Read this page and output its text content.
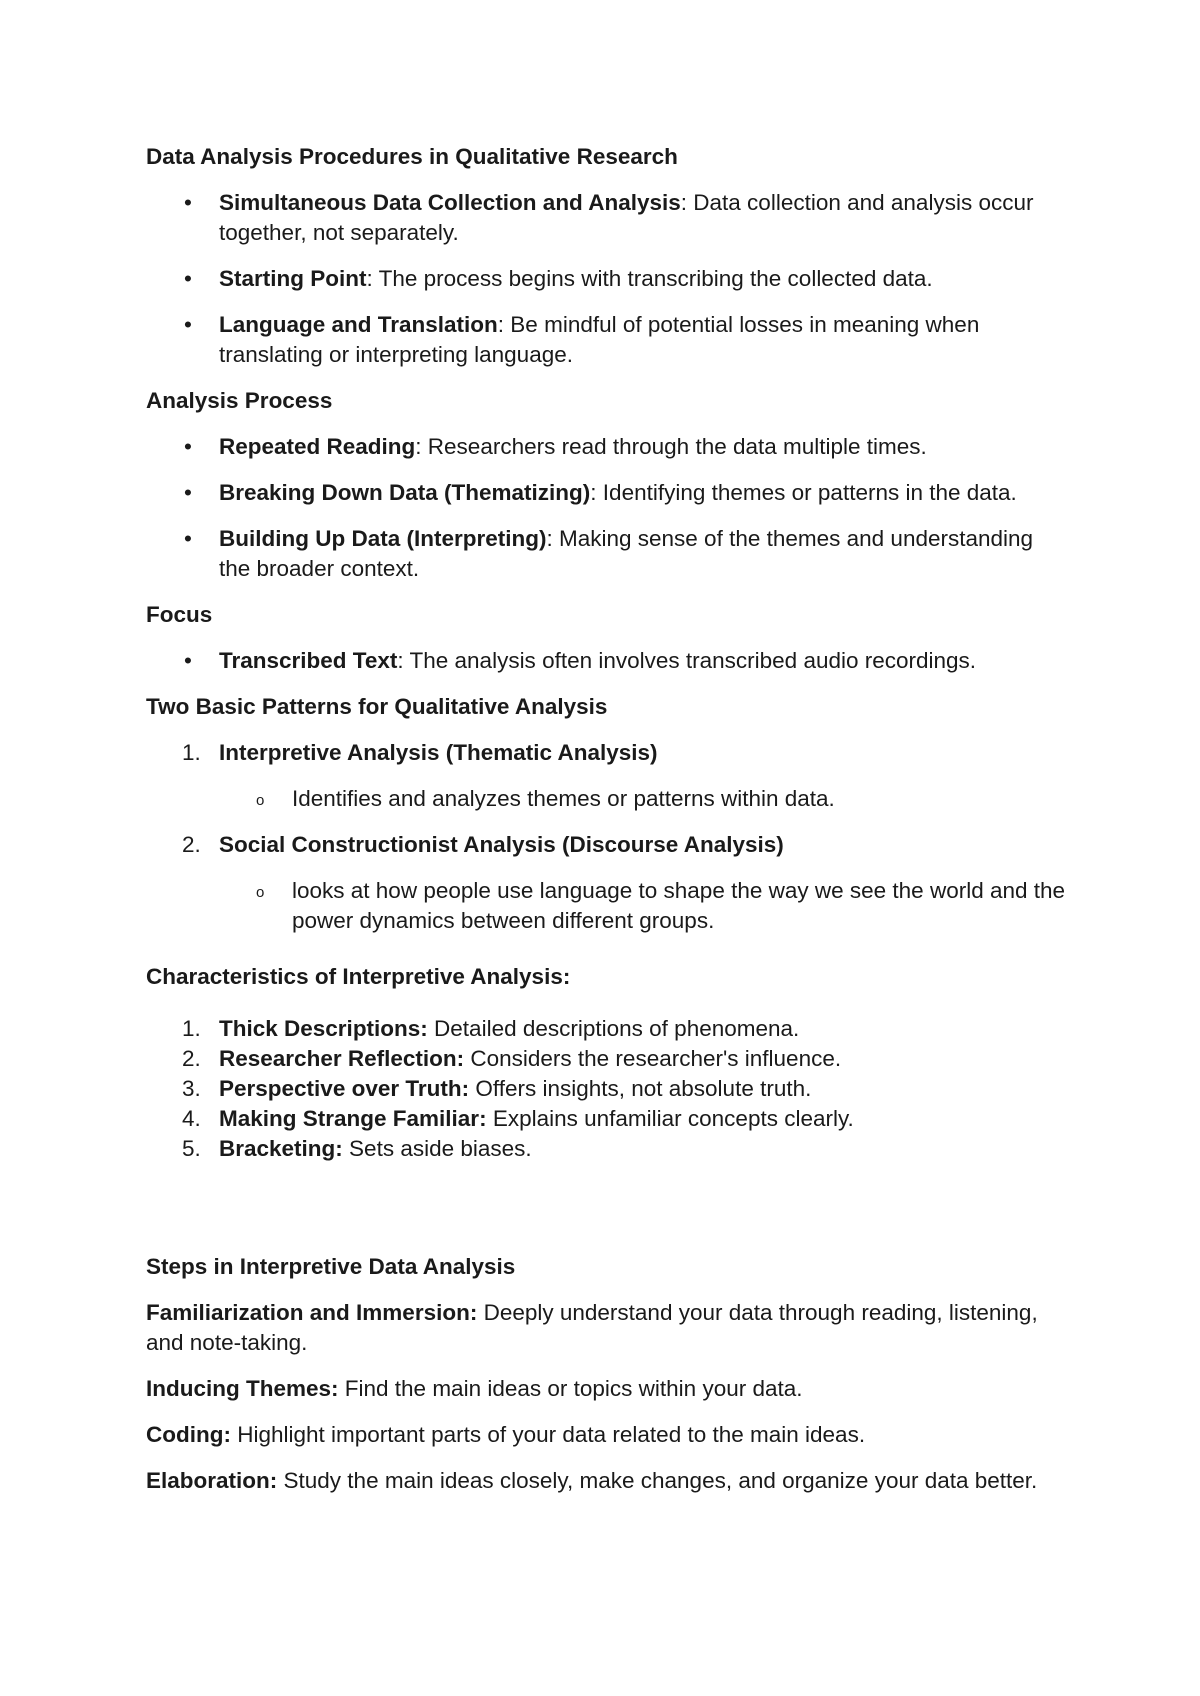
Data Analysis Procedures in Qualitative Research

• Simultaneous Data Collection and Analysis: Data collection and analysis occur together, not separately.
• Starting Point: The process begins with transcribing the collected data.
• Language and Translation: Be mindful of potential losses in meaning when translating or interpreting language.

Analysis Process

• Repeated Reading: Researchers read through the data multiple times.
• Breaking Down Data (Thematizing): Identifying themes or patterns in the data.
• Building Up Data (Interpreting): Making sense of the themes and understanding the broader context.

Focus

• Transcribed Text: The analysis often involves transcribed audio recordings.

Two Basic Patterns for Qualitative Analysis

1. Interpretive Analysis (Thematic Analysis)
o Identifies and analyzes themes or patterns within data.
2. Social Constructionist Analysis (Discourse Analysis)
o looks at how people use language to shape the way we see the world and the power dynamics between different groups.

Characteristics of Interpretive Analysis:

1. Thick Descriptions: Detailed descriptions of phenomena.
2. Researcher Reflection: Considers the researcher's influence.
3. Perspective over Truth: Offers insights, not absolute truth.
4. Making Strange Familiar: Explains unfamiliar concepts clearly.
5. Bracketing: Sets aside biases.

Steps in Interpretive Data Analysis

Familiarization and Immersion: Deeply understand your data through reading, listening, and note-taking.

Inducing Themes: Find the main ideas or topics within your data.

Coding: Highlight important parts of your data related to the main ideas.

Elaboration: Study the main ideas closely, make changes, and organize your data better.
